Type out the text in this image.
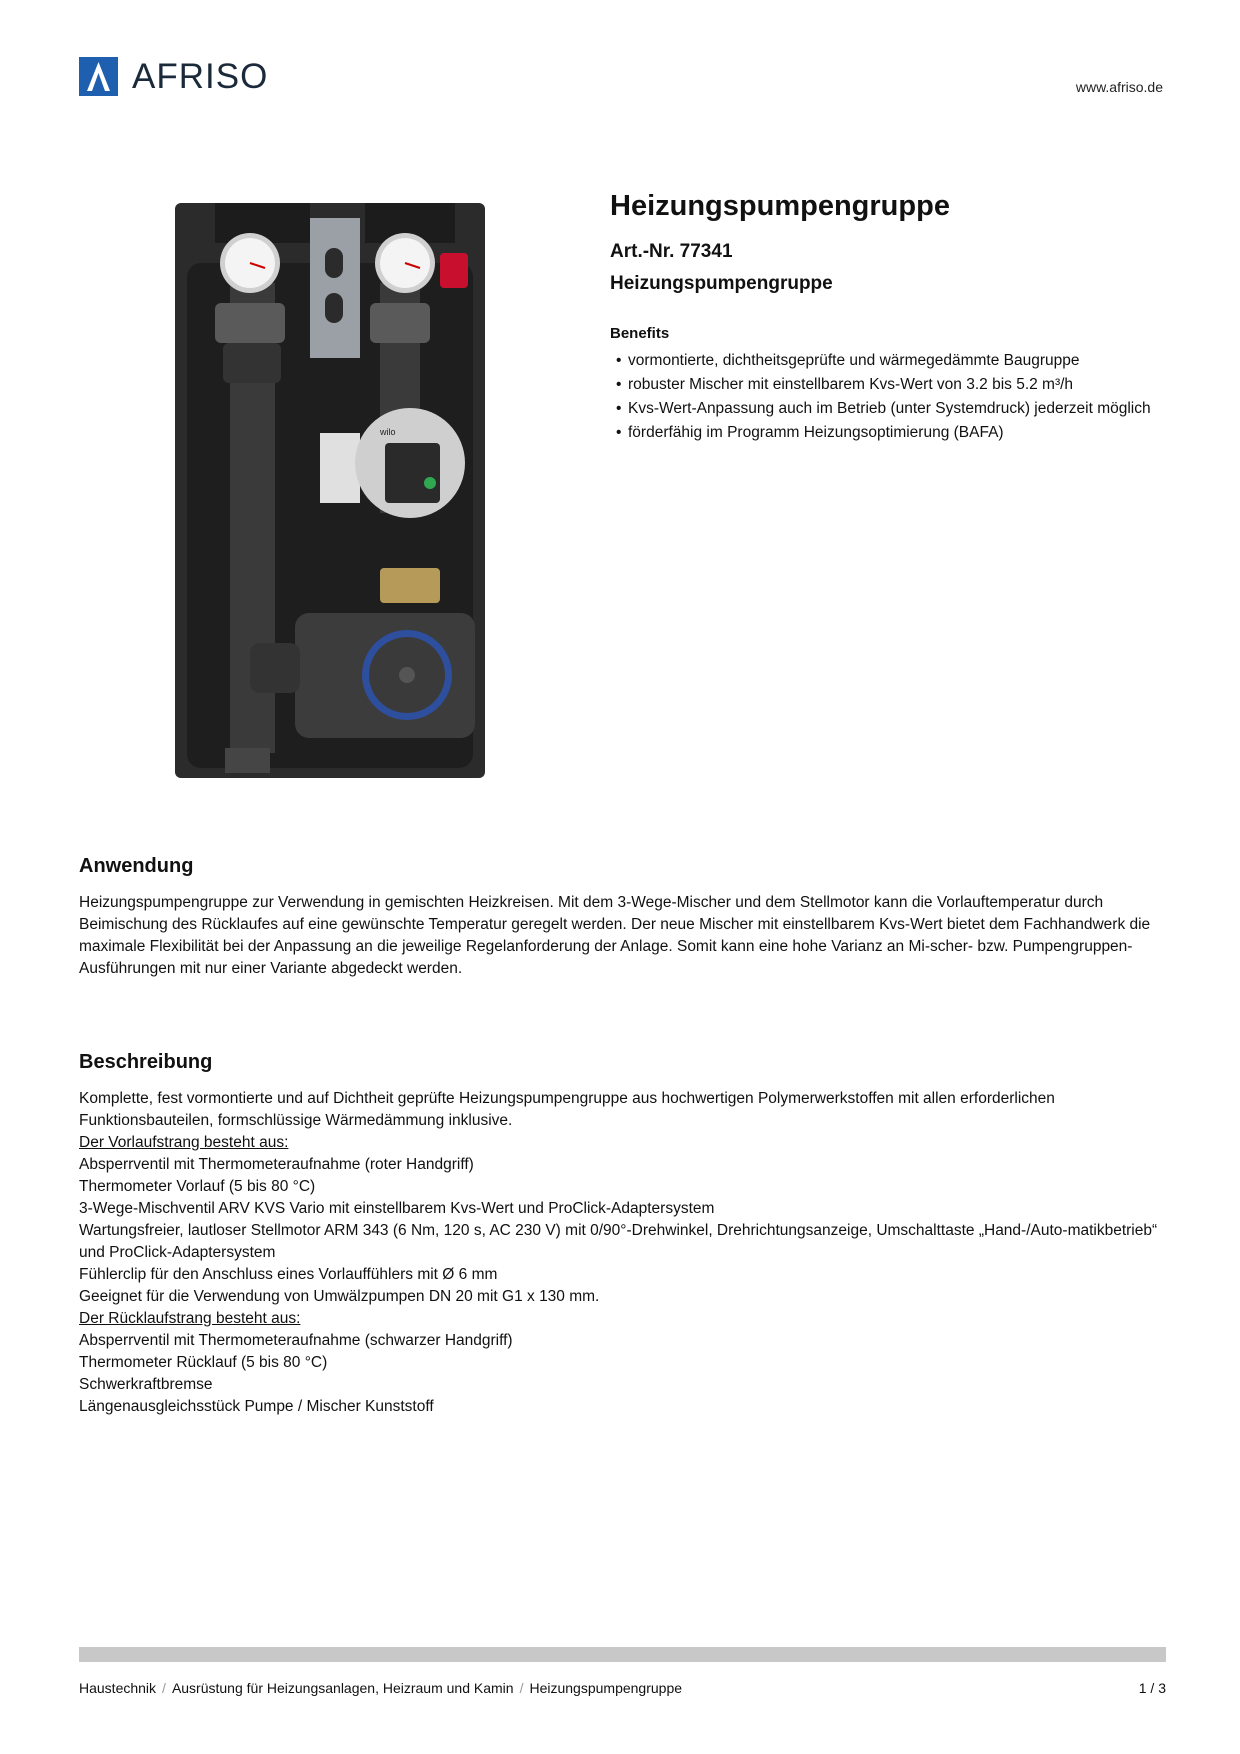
AFRISO	www.afriso.de
wilo
Heizungspumpengruppe
Art.-Nr. 77341
Heizungspumpengruppe
Benefits
• vormontierte, dichtheitsgeprüfte und wärmegedämmte Baugruppe
• robuster Mischer mit einstellbarem Kvs-Wert von 3.2 bis 5.2 m³/h
• Kvs-Wert-Anpassung auch im Betrieb (unter Systemdruck) jederzeit möglich
• förderfähig im Programm Heizungsoptimierung (BAFA)
Anwendung

Heizungspumpengruppe zur Verwendung in gemischten Heizkreisen. Mit dem 3-Wege-Mischer und dem Stellmotor kann die Vorlauftemperatur durch Beimischung des Rücklaufes auf eine gewünschte Temperatur geregelt werden. Der neue Mischer mit einstellbarem Kvs-Wert bietet dem Fachhandwerk die maximale Flexibilität bei der Anpassung an die jeweilige Regelanforderung der Anlage. Somit kann eine hohe Varianz an Mi-scher- bzw. Pumpengruppen-Ausführungen mit nur einer Variante abgedeckt werden.

Beschreibung
Komplette, fest vormontierte und auf Dichtheit geprüfte Heizungspumpengruppe aus hochwertigen Polymerwerkstoffen mit allen erforderlichen Funktionsbauteilen, formschlüssige Wärmedämmung inklusive.
Der Vorlaufstrang besteht aus:
Absperrventil mit Thermometeraufnahme (roter Handgriff)
Thermometer Vorlauf (5 bis 80 °C)
3-Wege-Mischventil ARV KVS Vario mit einstellbarem Kvs-Wert und ProClick-Adaptersystem
Wartungsfreier, lautloser Stellmotor ARM 343 (6 Nm, 120 s, AC 230 V) mit 0/90°-Drehwinkel, Drehrichtungsanzeige, Umschalttaste „Hand-/Auto-matikbetrieb“ und ProClick-Adaptersystem
Fühlerclip für den Anschluss eines Vorlauffühlers mit Ø 6 mm
Geeignet für die Verwendung von Umwälzpumpen DN 20 mit G1 x 130 mm.
Der Rücklaufstrang besteht aus:
Absperrventil mit Thermometeraufnahme (schwarzer Handgriff)
Thermometer Rücklauf (5 bis 80 °C)
Schwerkraftbremse
Längenausgleichsstück Pumpe / Mischer Kunststoff
Haustechnik / Ausrüstung für Heizungsanlagen, Heizraum und Kamin / Heizungspumpengruppe	1 / 3
